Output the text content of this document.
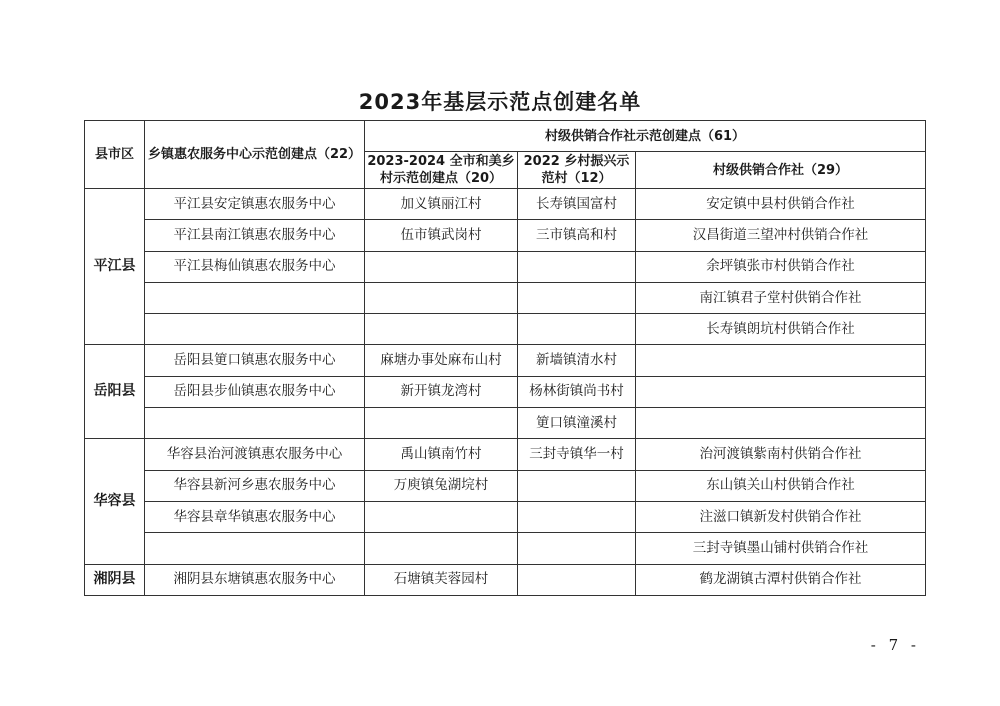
2023年基层示范点创建名单
县市区	乡镇惠农服务中心示范创建点（22）	村级供销合作社示范创建点（61）		
		2023-2024 全市和美乡村示范创建点（20）	2022 乡村振兴示范村（12）	村级供销合作社（29）
平江县	平江县安定镇惠农服务中心	加义镇丽江村	长寿镇国富村	安定镇中县村供销合作社
	平江县南江镇惠农服务中心	伍市镇武岗村	三市镇高和村	汉昌街道三望冲村供销合作社
	平江县梅仙镇惠农服务中心			余坪镇张市村供销合作社
				南江镇君子堂村供销合作社
				长寿镇朗坑村供销合作社
岳阳县	岳阳县筻口镇惠农服务中心	麻塘办事处麻布山村	新墙镇清水村	
	岳阳县步仙镇惠农服务中心	新开镇龙湾村	杨林街镇尚书村	
			筻口镇潼溪村	
华容县	华容县治河渡镇惠农服务中心	禹山镇南竹村	三封寺镇华一村	治河渡镇紫南村供销合作社
	华容县新河乡惠农服务中心	万庾镇兔湖垸村		东山镇关山村供销合作社
	华容县章华镇惠农服务中心			注滋口镇新发村供销合作社
				三封寺镇墨山铺村供销合作社
湘阴县	湘阴县东塘镇惠农服务中心	石塘镇芙蓉园村		鹤龙湖镇古潭村供销合作社
- 7 -
